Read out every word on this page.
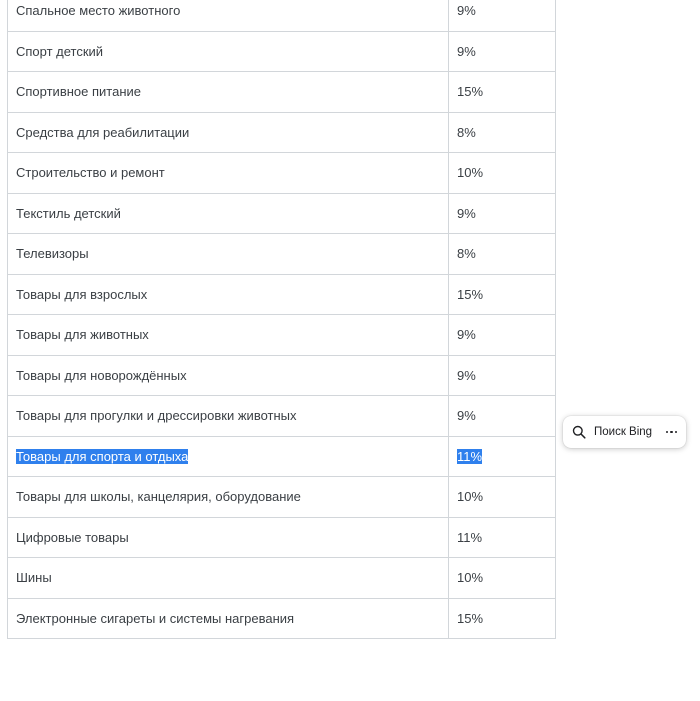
Спальное место животного	9%
Спорт детский	9%
Спортивное питание	15%
Средства для реабилитации	8%
Строительство и ремонт	10%
Текстиль детский	9%
Телевизоры	8%
Товары для взрослых	15%
Товары для животных	9%
Товары для новорождённых	9%
Товары для прогулки и дрессировки животных	9%
Товары для спорта и отдыха	11%
Товары для школы, канцелярия, оборудование	10%
Цифровые товары	11%
Шины	10%
Электронные сигареты и системы нагревания	15%
Поиск Bing
